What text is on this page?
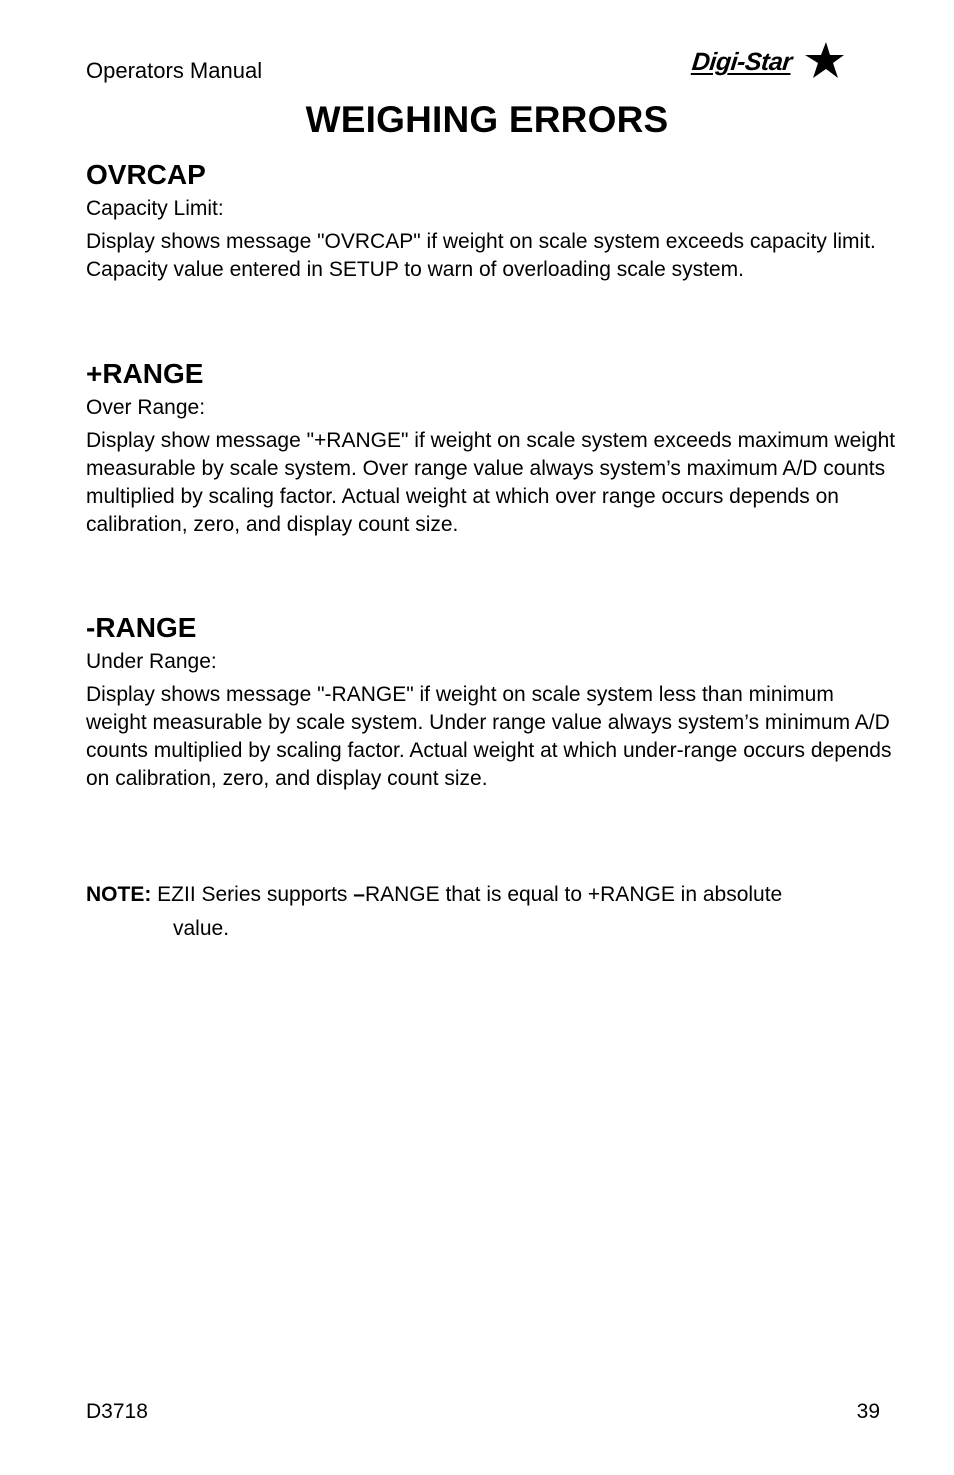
Operators Manual	Digi-Star
WEIGHING ERRORS
OVRCAP
Capacity Limit:

Display shows message "OVRCAP" if weight on scale system exceeds capacity limit. Capacity value entered in SETUP to warn of overloading scale system.

+RANGE
Over Range:

Display show message "+RANGE" if weight on scale system exceeds maximum weight measurable by scale system. Over range value always system’s maximum A/D counts multiplied by scaling factor. Actual weight at which over range occurs depends on calibration, zero, and display count size.

-RANGE
Under Range:

Display shows message "-RANGE" if weight on scale system less than minimum weight measurable by scale system. Under range value always system’s minimum A/D counts multiplied by scaling factor. Actual weight at which under-range occurs depends on calibration, zero, and display count size.

NOTE: EZII Series supports –RANGE that is equal to +RANGE in absolute
value.
D3718	39
